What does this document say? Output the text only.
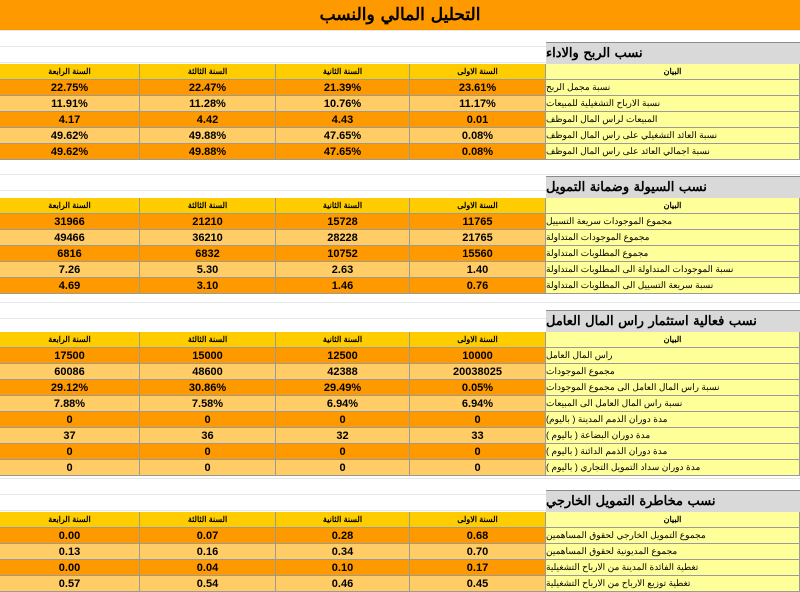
التحليل المالي والنسب
نسب الربح والاداء
السنة الرابعة	السنة الثالثة	السنة الثانية	السنة الاولى	البيان
22.75%	22.47%	21.39%	23.61%	نسبة مجمل الربح
11.91%	11.28%	10.76%	11.17%	نسبة الارباح التشغيلية للمبيعات
4.17	4.42	4.43	0.01	المبيعات لراس المال الموظف
49.62%	49.88%	47.65%	0.08%	نسبة العائد التشغيلي على راس المال الموظف
49.62%	49.88%	47.65%	0.08%	نسبة اجمالي العائد على راس المال الموظف
نسب السيولة وضمانة التمويل
السنة الرابعة	السنة الثالثة	السنة الثانية	السنة الاولى	البيان
31966	21210	15728	11765	مجموع الموجودات سريعة التسييل
49466	36210	28228	21765	مجموع الموجودات المتداولة
6816	6832	10752	15560	مجموع المطلوبات المتداولة
7.26	5.30	2.63	1.40	نسبة الموجودات المتداولة الى المطلوبات المتداولة
4.69	3.10	1.46	0.76	نسبة سريعة التسييل الى المطلوبات المتداولة
نسب فعالية استثمار راس المال العامل
السنة الرابعة	السنة الثالثة	السنة الثانية	السنة الاولى	البيان
17500	15000	12500	10000	راس المال العامل
60086	48600	42388	20038025	مجموع الموجودات
29.12%	30.86%	29.49%	0.05%	نسبة راس المال العامل الى مجموع الموجودات
7.88%	7.58%	6.94%	6.94%	نسبة راس المال العامل الى المبيعات
0	0	0	0	مدة دوران الذمم المدينة ( باليوم)
37	36	32	33	مدة دوران البضاعة ( باليوم )
0	0	0	0	مدة دوران الذمم الدائنة ( باليوم )
0	0	0	0	مدة دوران سداد التمويل التجاري ( باليوم )
نسب مخاطرة التمويل الخارجي
السنة الرابعة	السنة الثالثة	السنة الثانية	السنة الاولى	البيان
0.00	0.07	0.28	0.68	مجموع التمويل الخارجي لحقوق المساهمين
0.13	0.16	0.34	0.70	مجموع المديونية لحقوق المساهمين
0.00	0.04	0.10	0.17	تغطية الفائدة المدينة من الارباح التشغيلية
0.57	0.54	0.46	0.45	تغطية توزيع الارباح من الارباح التشغيلية
